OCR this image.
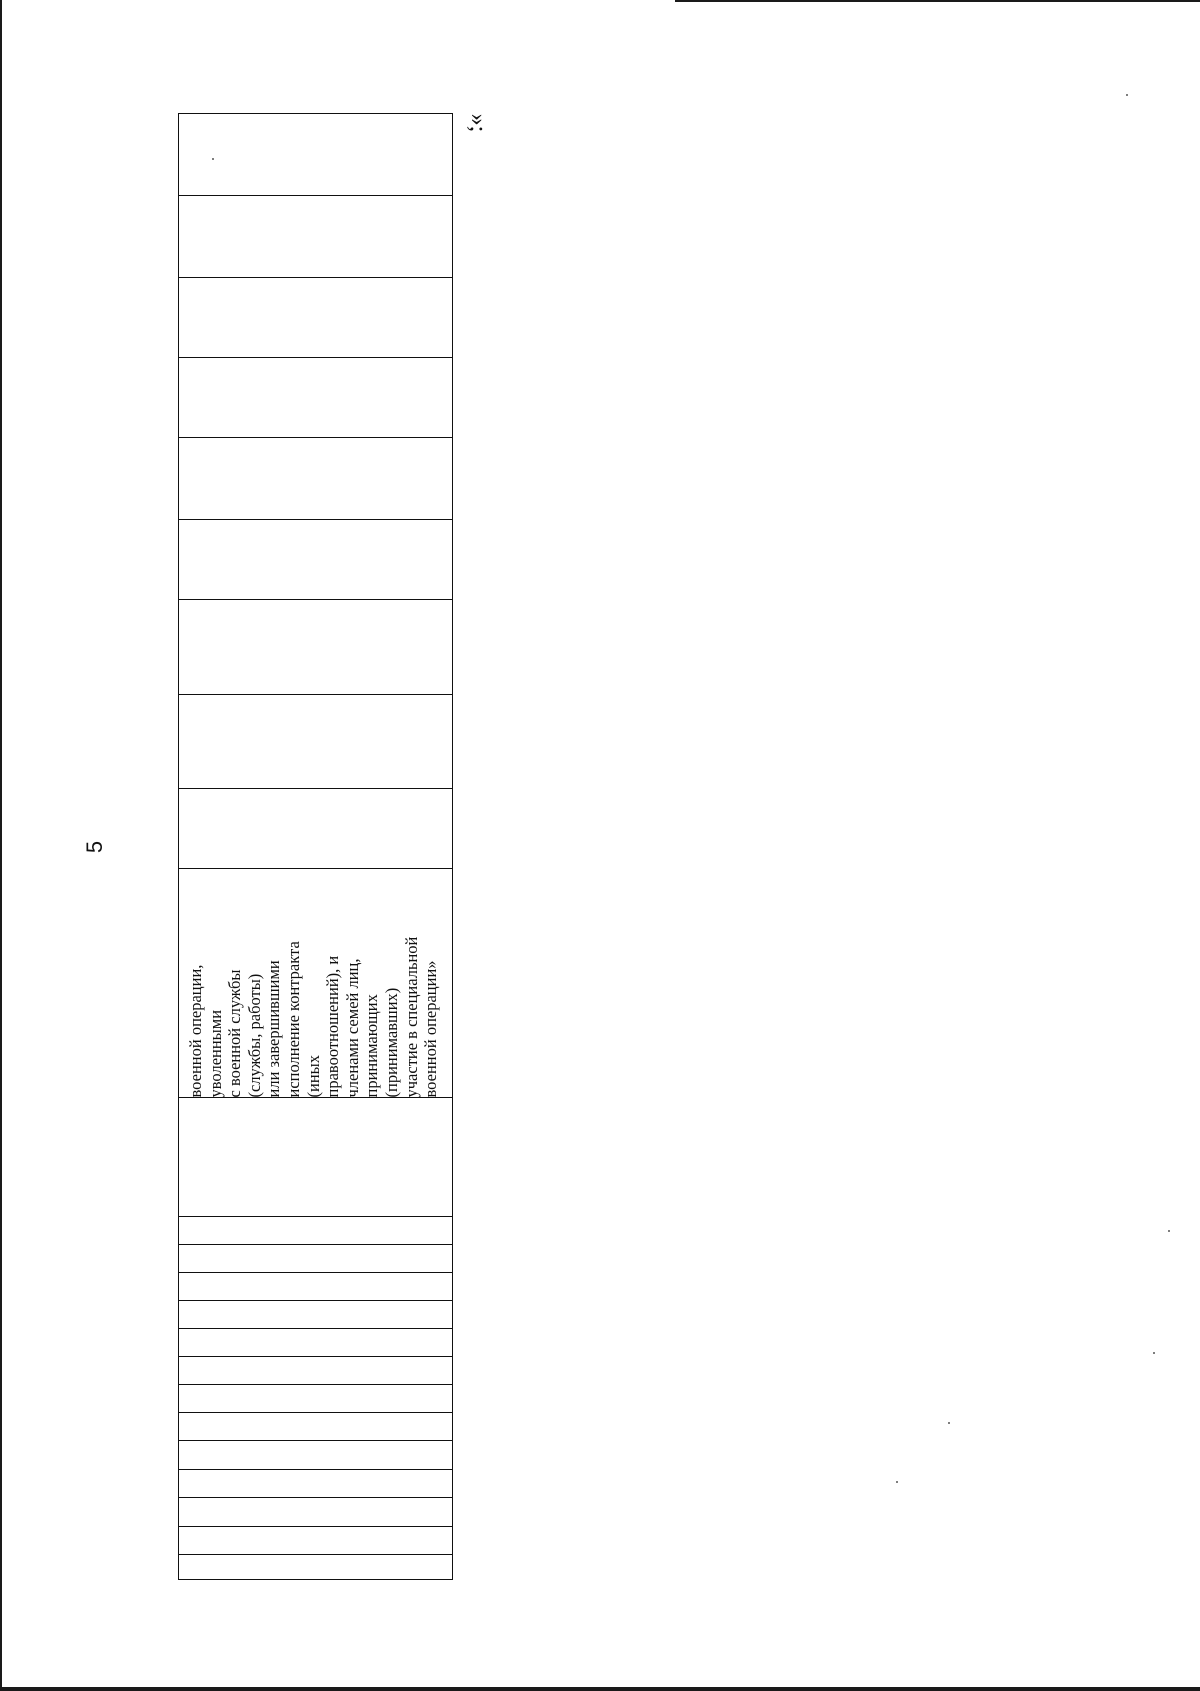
5
»;
военной операции,
уволенными
с военной службы
(службы, работы)
или завершившими
исполнение контракта
(иных
правоотношений), и
членами семей лиц,
принимающих
(принимавших)
участие в специальной
военной операции»
